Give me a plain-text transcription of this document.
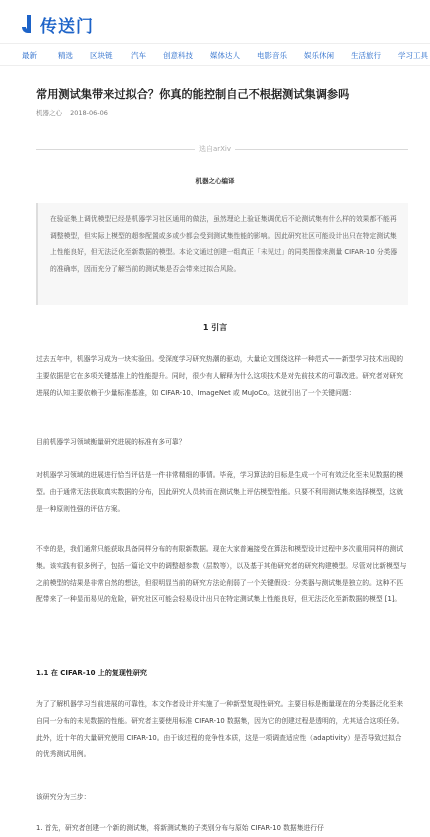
传送门
最新	精选 区块链 汽车 创意科技 媒体达人 电影音乐 娱乐休闲 生活旅行 学习工具
常用测试集带来过拟合？你真的能控制自己不根据测试集调参吗
机器之心 2018-06-06
选自arXiv
机器之心编译
在验证集上调优模型已经是机器学习社区通用的做法，虽然理论上验证集调优后不论测试集有什么样的效果都不能再调整模型，但实际上模型的超参配置或多或少都会受到测试集性能的影响。因此研究社区可能设计出只在特定测试集上性能良好，但无法泛化至新数据的模型。本论文通过创建一组真正「未见过」的同类图像来测量 CIFAR-10 分类器的准确率，因而充分了解当前的测试集是否会带来过拟合风险。
1 引言
过去五年中，机器学习成为一块实验田。受深度学习研究热潮的驱动，大量论文围绕这样一种范式——新型学习技术出现的主要依据是它在多项关键基准上的性能提升。同时，很少有人解释为什么这项技术是对先前技术的可靠改进。研究者对研究进展的认知主要依赖于少量标准基准，如 CIFAR-10、ImageNet 或 MuJoCo。这就引出了一个关键问题：
目前机器学习领域衡量研究进展的标准有多可靠？
对机器学习领域的进展进行恰当评估是一件非常精细的事情。毕竟，学习算法的目标是生成一个可有效泛化至未见数据的模型。由于通常无法获取真实数据的分布，因此研究人员转而在测试集上评估模型性能。只要不利用测试集来选择模型，这就是一种原则性强的评估方案。
不幸的是，我们通常只能获取具备同样分布的有限新数据。现在大家普遍接受在算法和模型设计过程中多次重用同样的测试集。该实践有很多例子，包括一篇论文中的调整超参数（层数等），以及基于其他研究者的研究构建模型。尽管对比新模型与之前模型的结果是非常自然的想法，但很明显当前的研究方法论削弱了一个关键假设：分类器与测试集是独立的。这种不匹配带来了一种显而易见的危险，研究社区可能会轻易设计出只在特定测试集上性能良好，但无法泛化至新数据的模型 [1]。
1.1 在 CIFAR-10 上的复现性研究
为了了解机器学习当前进展的可靠性，本文作者设计并实施了一种新型复现性研究。主要目标是衡量现在的分类器泛化至来自同一分布的未见数据的性能。研究者主要使用标准 CIFAR-10 数据集，因为它的创建过程是透明的，尤其适合这项任务。此外，近十年的大量研究使用 CIFAR-10。由于该过程的竞争性本质，这是一项调查适应性（adaptivity）是否导致过拟合的优秀测试用例。
该研究分为三步：
1. 首先，研究者创建一个新的测试集，将新测试集的子类别分布与原始 CIFAR-10 数据集进行仔
